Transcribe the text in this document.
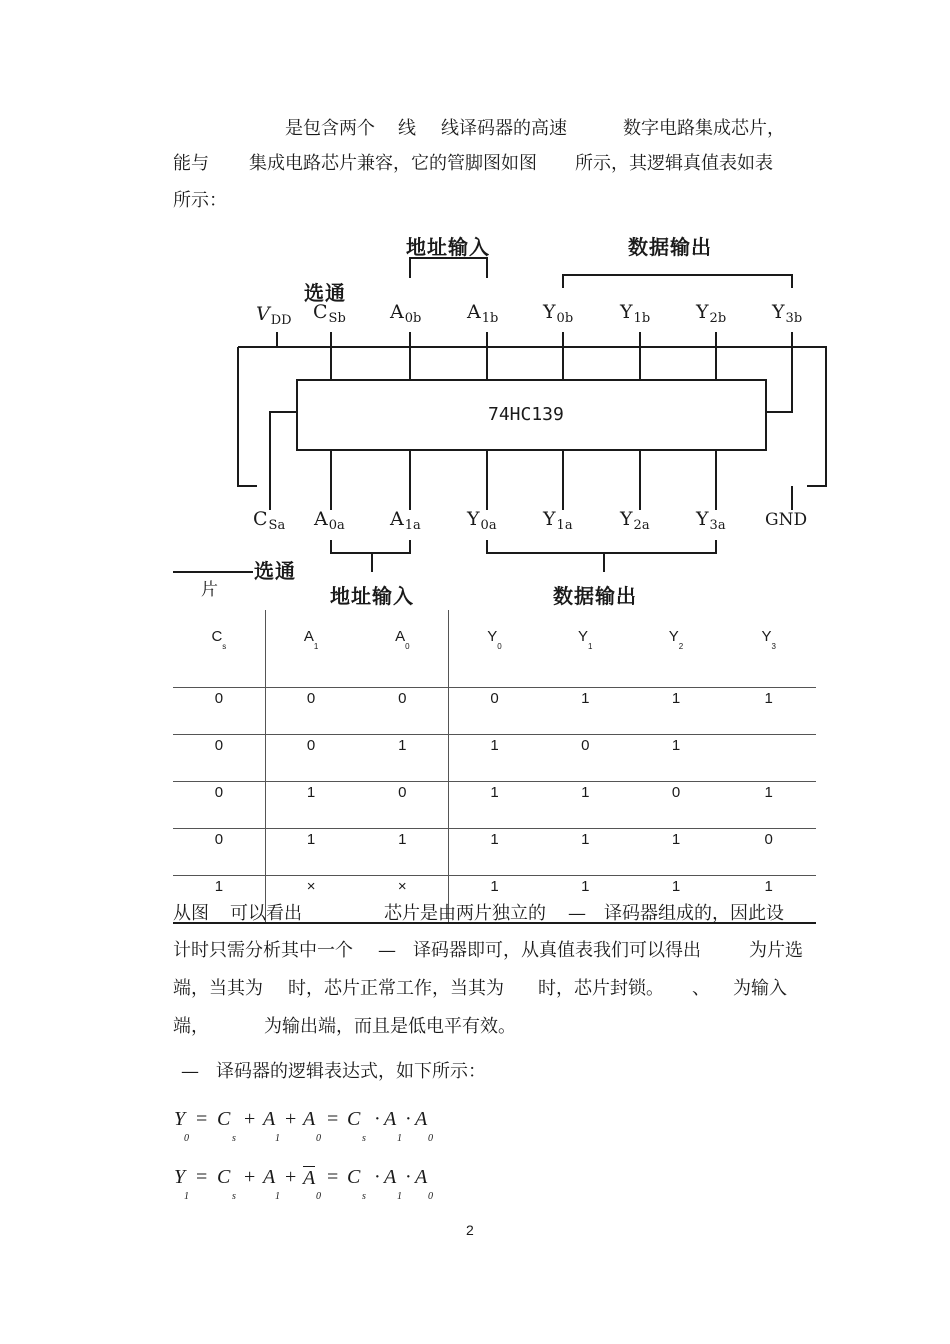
是包含两个 线 线译码器的高速	数字电路集成芯片，
能与 集成电路芯片兼容，它的管脚图如图 所示，其逻辑真值表如表
所示：
地址输入	数据输出
选通
$V_{DD}$ $C_{Sb}$ $A_{0b}$ $A_{1b}$ $Y_{0b}$ $Y_{1b}$ $Y_{2b}$ $Y_{3b}$
74HC139
$C_{Sa}$ $A_{0a}$ $A_{1a}$ $Y_{0a}$ $Y_{1a}$ $Y_{2a}$ $Y_{3a}$ GND
选通
地址输入	数据输出
片
$C_s$	$A_1$	$A_0$	$Y_0$	$Y_1$	$Y_2$	$Y_3$
0	0	0	0	1	1	1
0	0	1	1	0	1	
0	1	0	1	1	0	1
0	1	1	1	1	1	0
1	×	×	1	1	1	1
从图 可以看出	芯片是由两片独立的 — 译码器组成的，因此设
计时只需分析其中一个 — 译码器即可，从真值表我们可以得出	为片选
端，当其为 时，芯片正常工作，当其为 时，芯片封锁。 、 为输入
端，	为输出端，而且是低电平有效。
— 译码器的逻辑表达式，如下所示：
Y = C + A + A = C · A · A
0	s	1	0	s	1	0
Y = C + A + A = C · A · A
1	s	1	0	s	1	0
2
